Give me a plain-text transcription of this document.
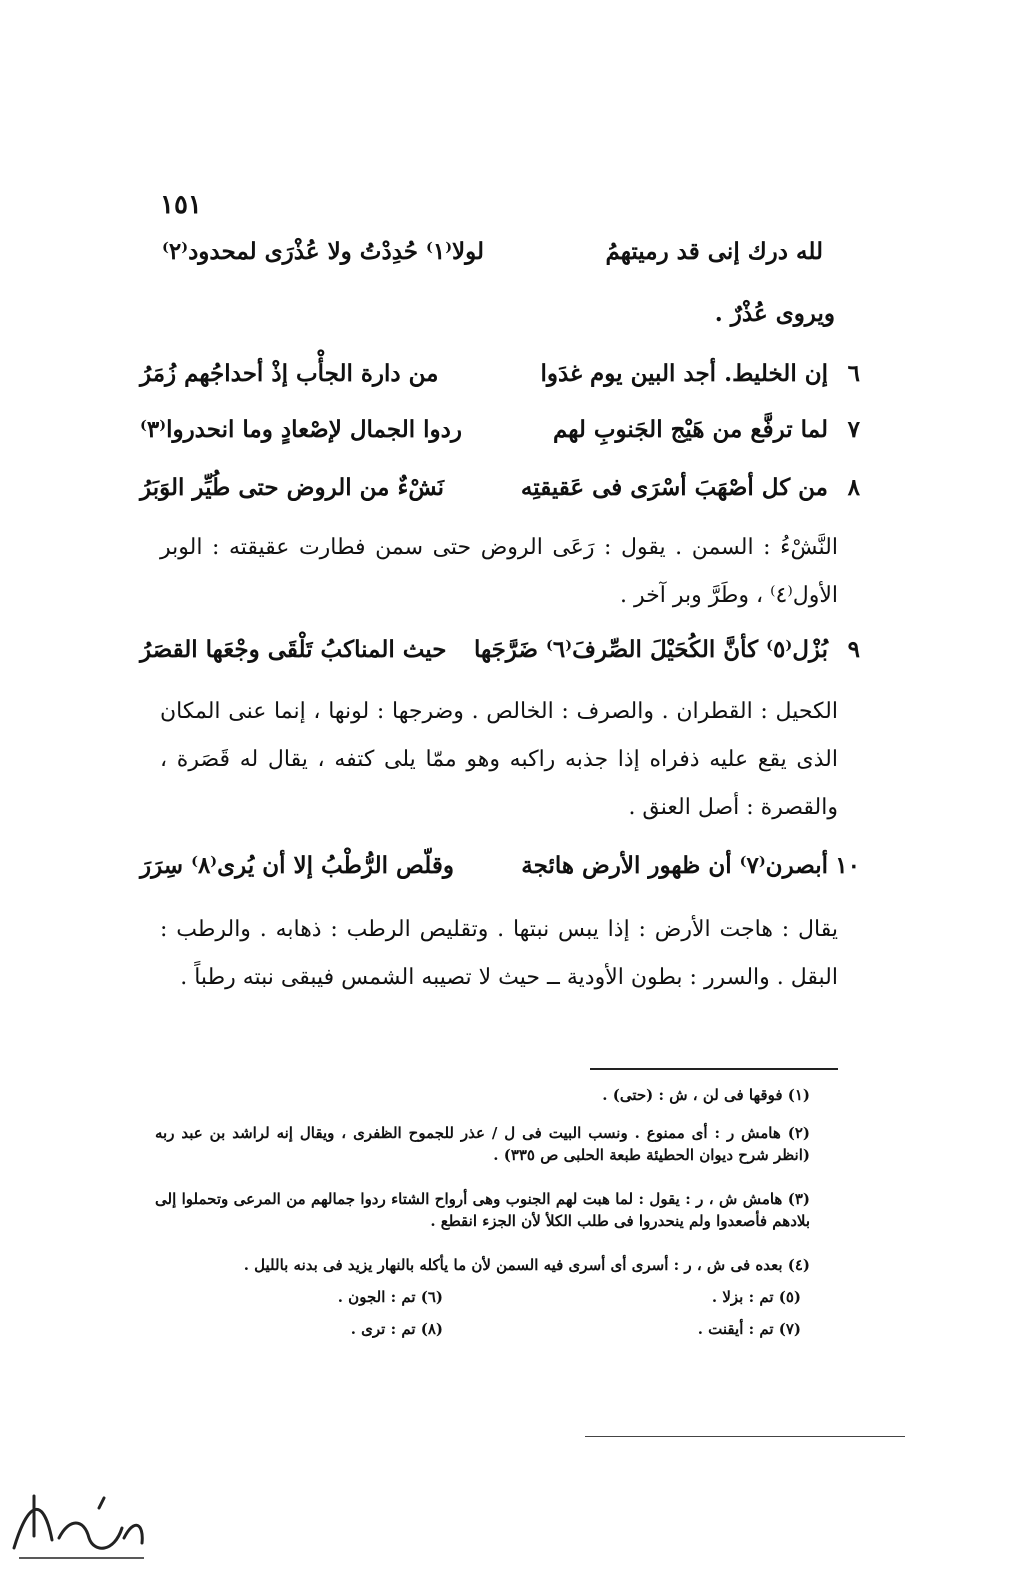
١٥١
لله درك إنى قد رميتهمُ
لولا⁽١⁾ حُدِدْتُ ولا عُذْرَى لمحدود⁽٢⁾
ويروى عُذْرٌ .
٦
إن الخليط. أجد البين يوم غدَوا
من دارة الجأْب إذْ أحداجُهم زُمَرُ
٧
لما ترفَّع من هَيْج الجَنوبِ لهم
ردوا الجمال لإصْعادٍ وما انحدروا⁽٣⁾
٨
من كل أصْهَبَ أسْرَى فى عَقيقتِه
نَشْءٌ من الروض حتى طُيِّر الوَبَرُ
النَّشْءُ : السمن . يقول : رَعَى الروض حتى سمن فطارت عقيقته : الوبر الأول⁽٤⁾ ، وطَرَّ وبر آخر .
٩
بُزْل⁽٥⁾ كأنَّ الكُحَيْلَ الصِّرفَ⁽٦⁾ ضَرَّجَها
حيث المناكبُ تَلْقَى وجْعَها القصَرُ
الكحيل : القطران . والصرف : الخالص . وضرجها : لونها ، إنما عنى المكان الذى يقع عليه ذفراه إذا جذبه راكبه وهو ممّا يلى كتفه ، يقال له قَصَرة ، والقصرة : أصل العنق .
١٠
أبصرن⁽٧⁾ أن ظهور الأرض هائجة
وقلّص الرُّطْبُ إلا أن يُرى⁽٨⁾ سِرَرَ
يقال : هاجت الأرض : إذا يبس نبتها . وتقليص الرطب : ذهابه . والرطب : البقل . والسرر : بطون الأودية ــ حيث لا تصيبه الشمس فيبقى نبته رطباً .
(١) فوقها فى لن ، ش : (حتى) .
(٢) هامش ر : أى ممنوع . ونسب البيت فى ل / عذر للجموح الظفرى ، ويقال إنه لراشد بن عبد ربه (انظر شرح ديوان الحطيئة طبعة الحلبى ص ٣٣٥) .
(٣) هامش ش ، ر : يقول : لما هبت لهم الجنوب وهى أرواح الشتاء ردوا جمالهم من المرعى وتحملوا إلى بلادهم فأصعدوا ولم ينحدروا فى طلب الكلأ لأن الجزء انقطع .
(٤) بعده فى ش ، ر : أسرى أى أسرى فيه السمن لأن ما يأكله بالنهار يزيد فى بدنه بالليل .
(٥) تم : بزلا .
(٦) تم : الجون .
(٧) تم : أيقنت .
(٨) تم : ترى .
